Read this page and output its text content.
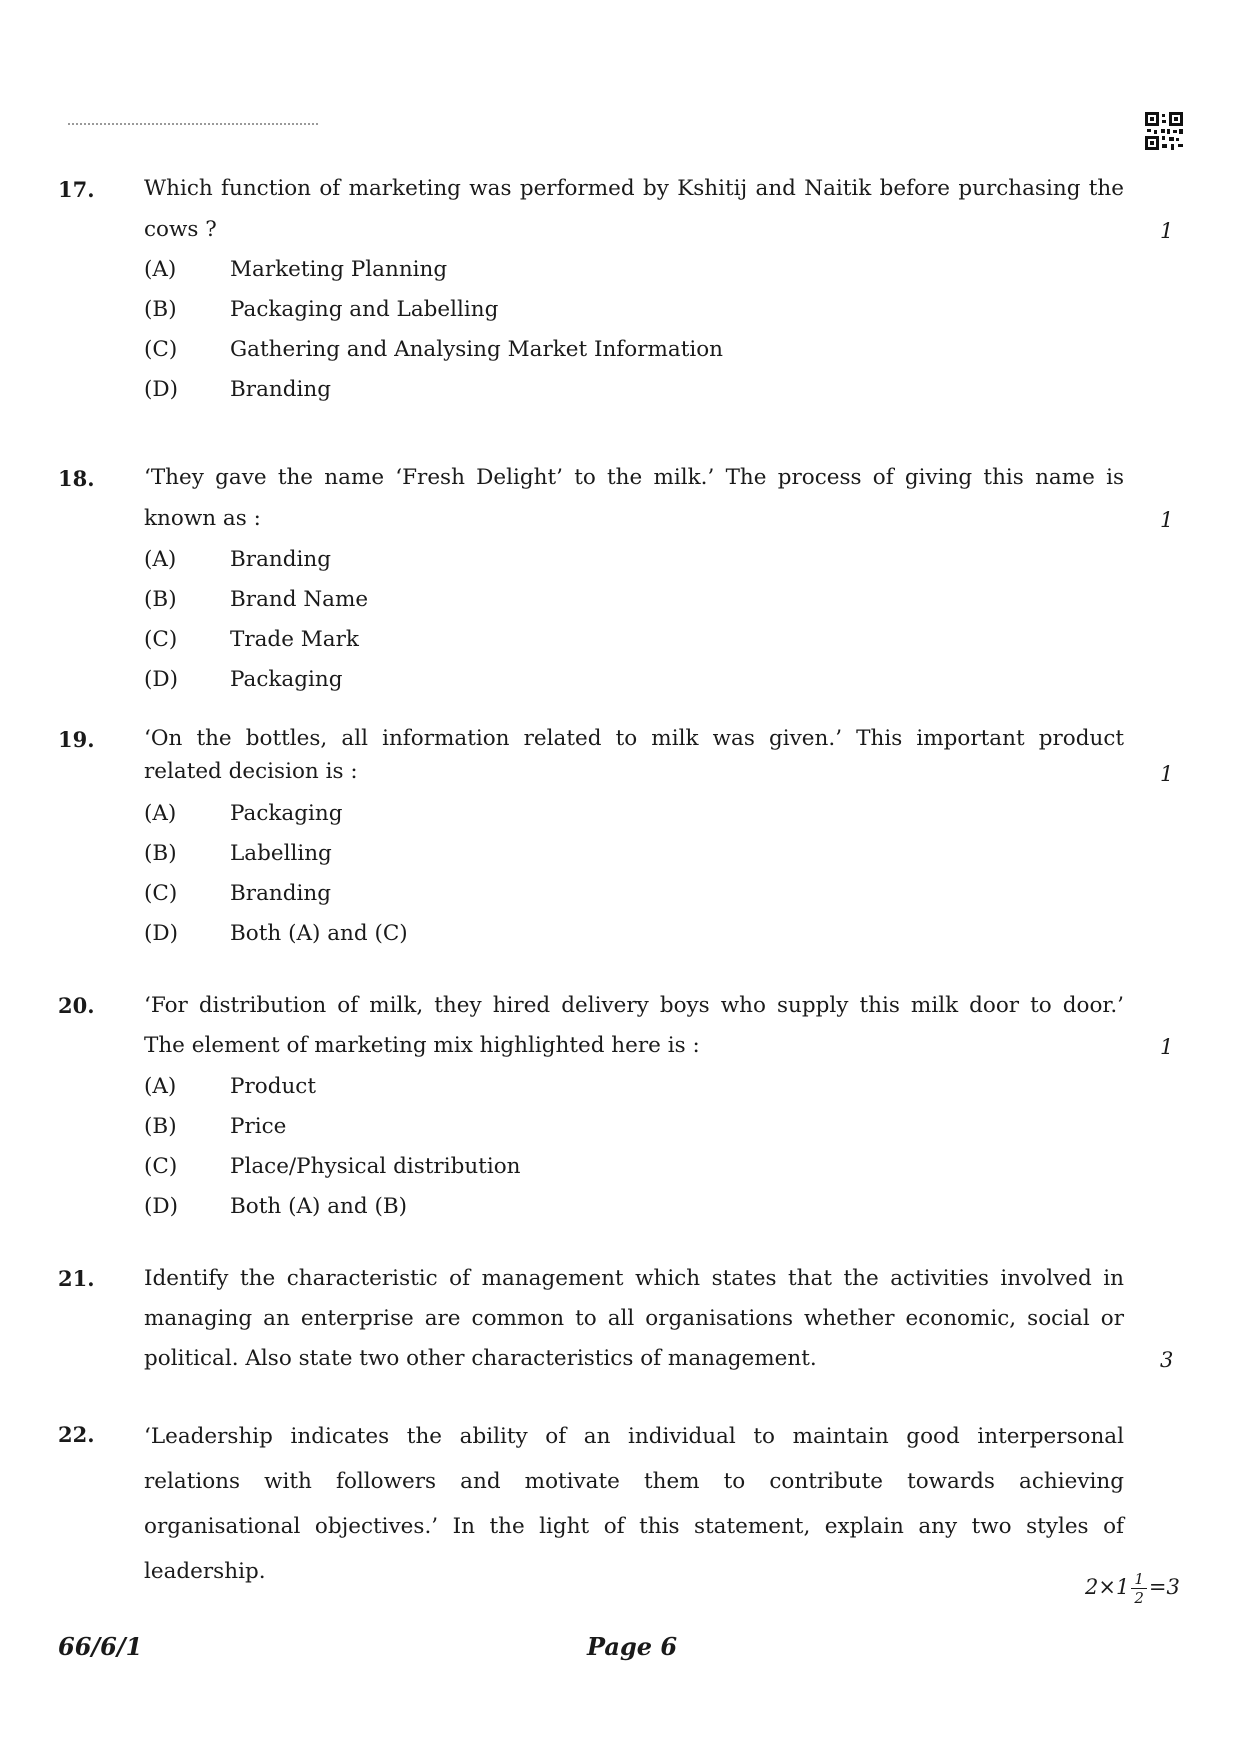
17. Which function of marketing was performed by Kshitij and Naitik before purchasing the
cows ?	1
(A) Marketing Planning
(B) Packaging and Labelling
(C) Gathering and Analysing Market Information
(D) Branding
18. ‘They gave the name ‘Fresh Delight’ to the milk.’ The process of giving this name is
known as :	1
(A) Branding
(B) Brand Name
(C) Trade Mark
(D) Packaging
19. ‘On the bottles, all information related to milk was given.’ This important product
related decision is :	1
(A) Packaging
(B) Labelling
(C) Branding
(D) Both (A) and (C)
20. ‘For distribution of milk, they hired delivery boys who supply this milk door to door.’
The element of marketing mix highlighted here is :	1
(A) Product
(B) Price
(C) Place/Physical distribution
(D) Both (A) and (B)
21. Identify the characteristic of management which states that the activities involved in
managing an enterprise are common to all organisations whether economic, social or
political. Also state two other characteristics of management.	3
22. ‘Leadership indicates the ability of an individual to maintain good interpersonal
relations with followers and motivate them to contribute towards achieving
organisational objectives.’ In the light of this statement, explain any two styles of
leadership.
$2\times 1 \frac{1}{2} =3$
66/6/1	Page 6
